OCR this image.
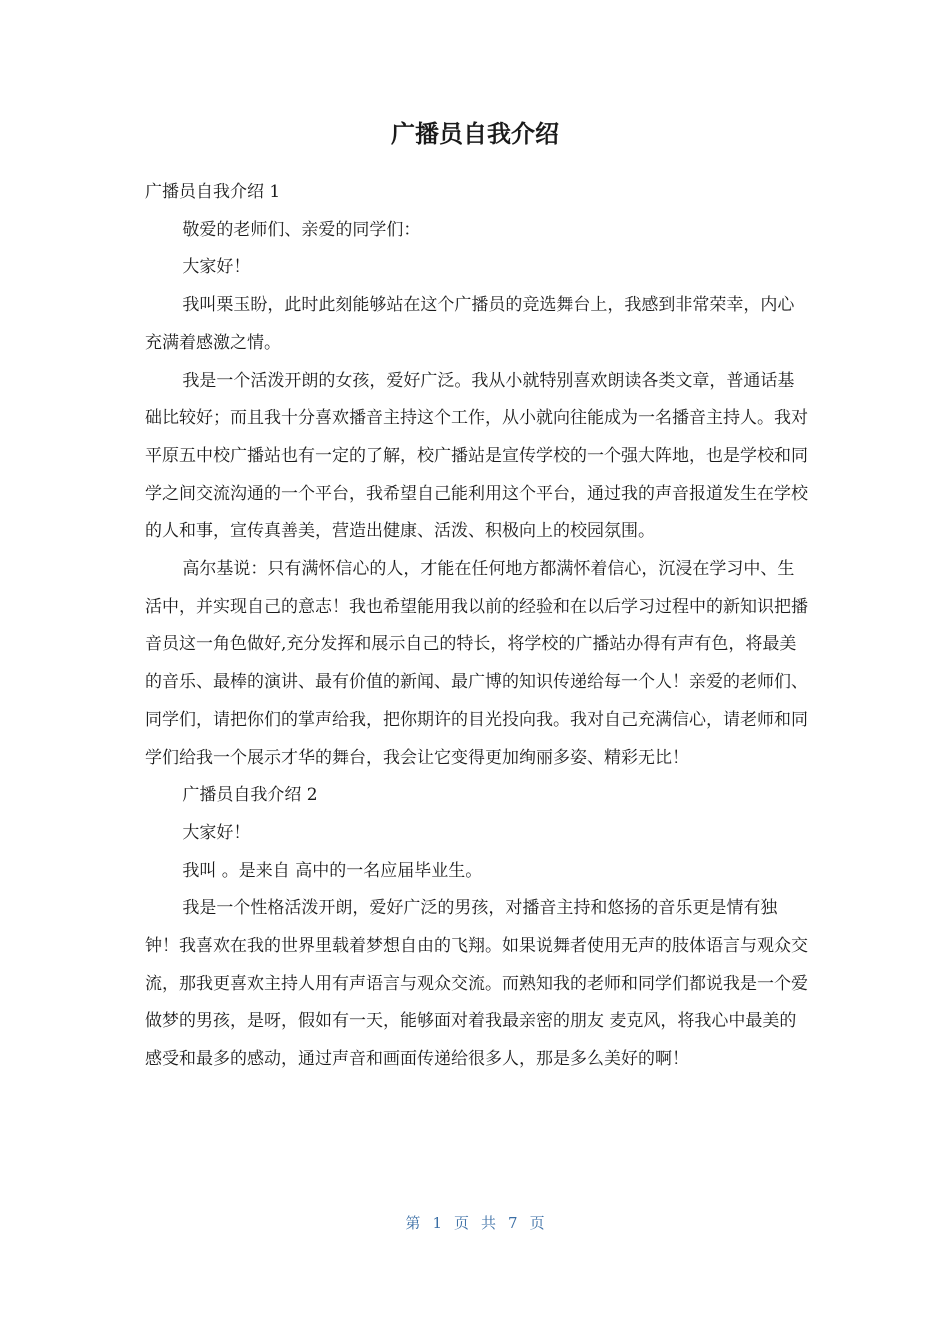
广播员自我介绍

广播员自我介绍 1

敬爱的老师们、亲爱的同学们：

大家好！

我叫栗玉盼，此时此刻能够站在这个广播员的竞选舞台上，我感到非常荣幸，内心充满着感激之情。

我是一个活泼开朗的女孩，爱好广泛。我从小就特别喜欢朗读各类文章，普通话基础比较好；而且我十分喜欢播音主持这个工作，从小就向往能成为一名播音主持人。我对平原五中校广播站也有一定的了解，校广播站是宣传学校的一个强大阵地，也是学校和同学之间交流沟通的一个平台，我希望自己能利用这个平台，通过我的声音报道发生在学校的人和事，宣传真善美，营造出健康、活泼、积极向上的校园氛围。

高尔基说：只有满怀信心的人，才能在任何地方都满怀着信心，沉浸在学习中、生活中，并实现自己的意志！我也希望能用我以前的经验和在以后学习过程中的新知识把播音员这一角色做好,充分发挥和展示自己的特长，将学校的广播站办得有声有色，将最美的音乐、最棒的演讲、最有价值的新闻、最广博的知识传递给每一个人！亲爱的老师们、同学们，请把你们的掌声给我，把你期许的目光投向我。我对自己充满信心，请老师和同学们给我一个展示才华的舞台，我会让它变得更加绚丽多姿、精彩无比！

广播员自我介绍 2

大家好！

我叫 。是来自 高中的一名应届毕业生。

我是一个性格活泼开朗，爱好广泛的男孩，对播音主持和悠扬的音乐更是情有独钟！我喜欢在我的世界里载着梦想自由的飞翔。如果说舞者使用无声的肢体语言与观众交流，那我更喜欢主持人用有声语言与观众交流。而熟知我的老师和同学们都说我是一个爱做梦的男孩，是呀，假如有一天，能够面对着我最亲密的朋友 麦克风，将我心中最美的感受和最多的感动，通过声音和画面传递给很多人，那是多么美好的啊！

第 1 页 共 7 页
